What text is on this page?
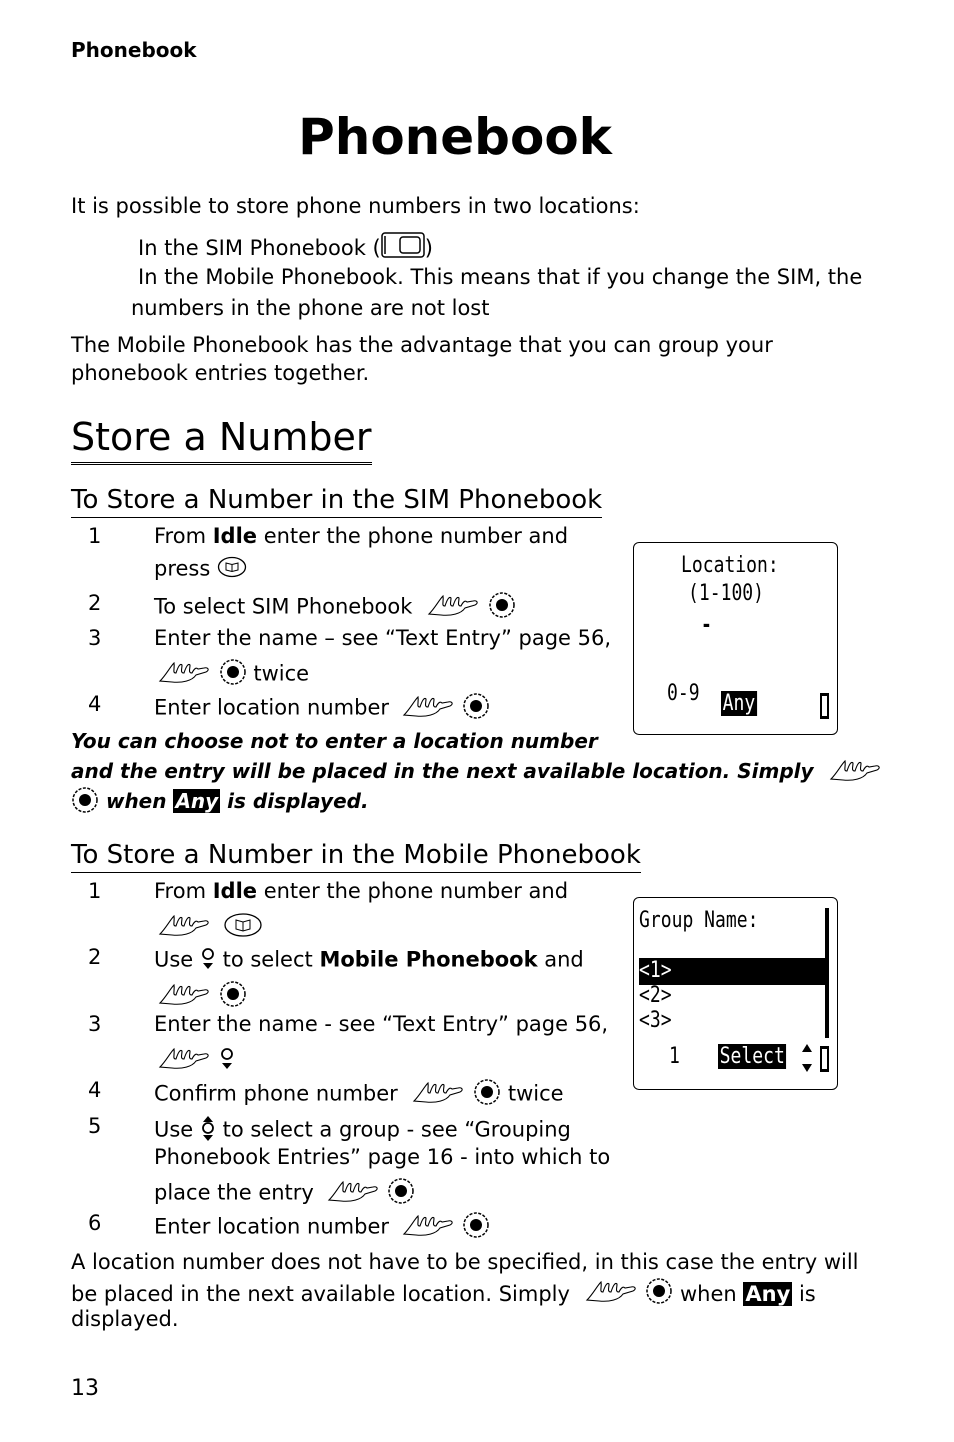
Phonebook
Phonebook
It is possible to store phone numbers in two locations:
In the SIM Phonebook ( )
In the Mobile Phonebook. This means that if you change the SIM, the
numbers in the phone are not lost
The Mobile Phonebook has the advantage that you can group your
phonebook entries together.
Store a Number
To Store a Number in the SIM Phonebook
1	From Idle enter the phone number and
press
2	To select SIM Phonebook
3	Enter the name – see “Text Entry” page 56,
twice
4	Enter location number
Location:
(1-100)
-
0-9 Any
You can choose not to enter a location number
and the entry will be placed in the next available location. Simply
when Any is displayed.
To Store a Number in the Mobile Phonebook
1	From Idle enter the phone number and

2	Use  to select Mobile Phonebook and

3	Enter the name - see “Text Entry” page 56,

4	Confirm phone number	twice
5	Use  to select a group - see “Grouping
Phonebook Entries” page 16 - into which to
place the entry
6	Enter location number
Group Name:
<1>
<2>
<3>
1 Select
A location number does not have to be specified, in this case the entry will
be placed in the next available location. Simply	when Any is
displayed.
13
